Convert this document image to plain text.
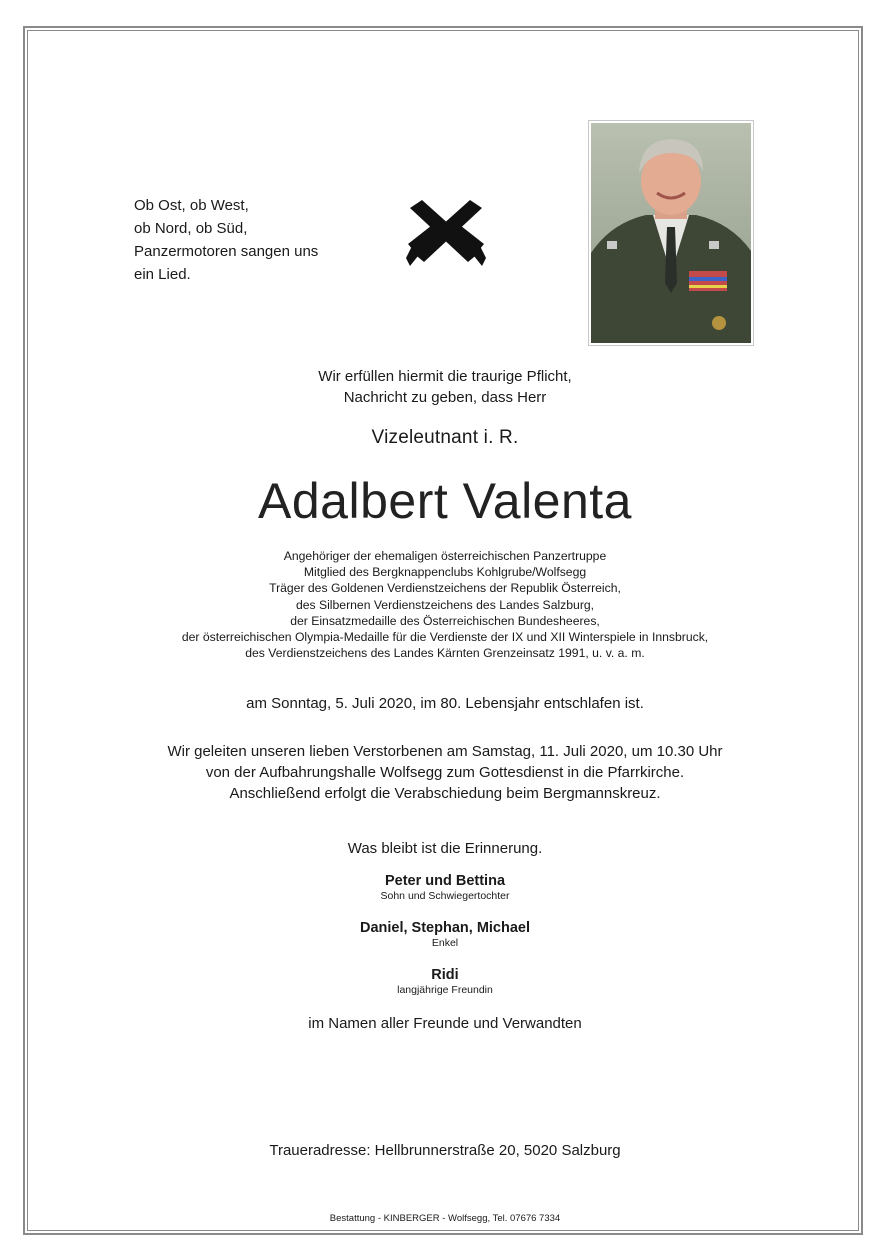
Ob Ost, ob West,
ob Nord, ob Süd,
Panzermotoren sangen uns
ein Lied.
Wir erfüllen hiermit die traurige Pflicht,
Nachricht zu geben, dass Herr
Vizeleutnant i. R.
Adalbert Valenta
Angehöriger der ehemaligen österreichischen Panzertruppe
Mitglied des Bergknappenclubs Kohlgrube/Wolfsegg
Träger des Goldenen Verdienstzeichens der Republik Österreich,
des Silbernen Verdienstzeichens des Landes Salzburg,
der Einsatzmedaille des Österreichischen Bundesheeres,
der österreichischen Olympia-Medaille für die Verdienste der IX und XII Winterspiele in Innsbruck,
des Verdienstzeichens des Landes Kärnten Grenzeinsatz 1991, u. v. a. m.
am Sonntag, 5. Juli 2020, im 80. Lebensjahr entschlafen ist.
Wir geleiten unseren lieben Verstorbenen am Samstag, 11. Juli 2020, um 10.30 Uhr
von der Aufbahrungshalle Wolfsegg zum Gottesdienst in die Pfarrkirche.
Anschließend erfolgt die Verabschiedung beim Bergmannskreuz.
Was bleibt ist die Erinnerung.
Peter und Bettina
Sohn und Schwiegertochter
Daniel, Stephan, Michael
Enkel
Ridi
langjährige Freundin
im Namen aller Freunde und Verwandten
Traueradresse: Hellbrunnerstraße 20, 5020 Salzburg
Bestattung - KINBERGER - Wolfsegg, Tel. 07676 7334
